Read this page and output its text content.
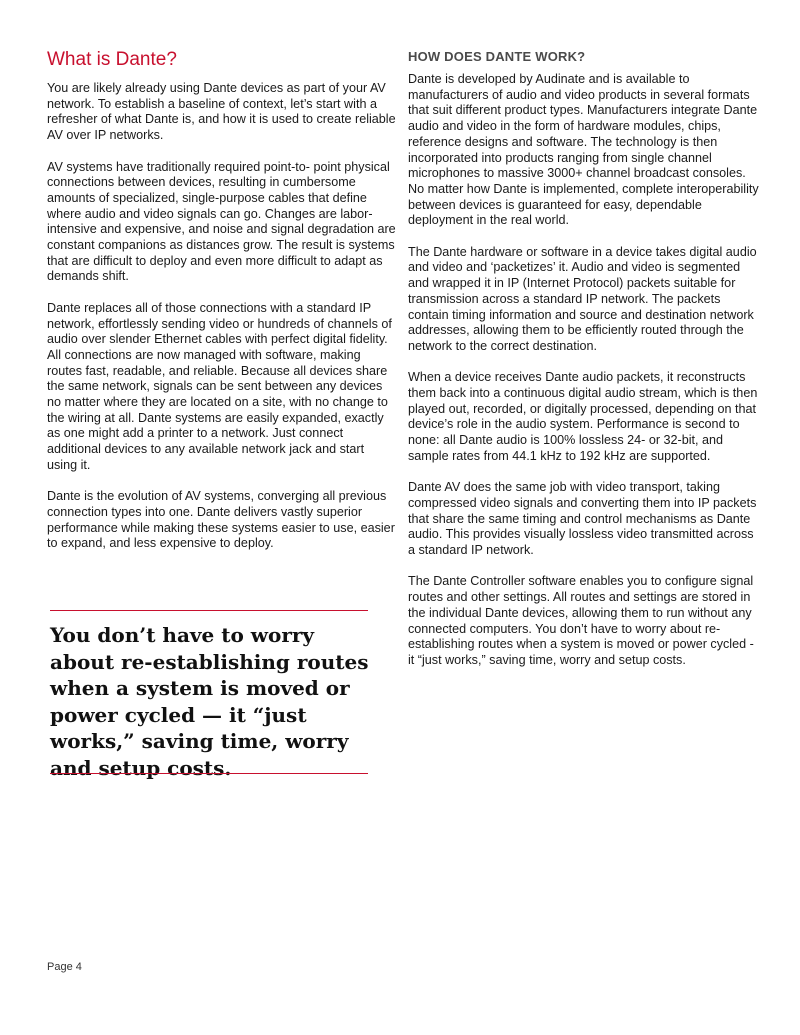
What is Dante?

You are likely already using Dante devices as part of your AV network. To establish a baseline of context, let’s start with a refresher of what Dante is, and how it is used to create reliable AV over IP networks.

AV systems have traditionally required point-to- point physical connections between devices, resulting in cumbersome amounts of specialized, single-purpose cables that define where audio and video signals can go. Changes are labor-intensive and expensive, and noise and signal degradation are constant companions as distances grow. The result is systems that are difficult to deploy and even more difficult to adapt as demands shift.

Dante replaces all of those connections with a standard IP network, effortlessly sending video or hundreds of channels of audio over slender Ethernet cables with perfect digital fidelity. All connections are now managed with software, making routes fast, readable, and reliable. Because all devices share the same network, signals can be sent between any devices no matter where they are located on a site, with no change to the wiring at all. Dante systems are easily expanded, exactly as one might add a printer to a network. Just connect additional devices to any available network jack and start using it.

Dante is the evolution of AV systems, converging all previous connection types into one. Dante delivers vastly superior performance while making these systems easier to use, easier to expand, and less expensive to deploy.

You don’t have to worry about re-establishing routes when a system is moved or power cycled — it “just works,” saving time, worry and setup costs.

HOW DOES DANTE WORK?

Dante is developed by Audinate and is available to manufacturers of audio and video products in several formats that suit different product types. Manufacturers integrate Dante audio and video in the form of hardware modules, chips, reference designs and software. The technology is then incorporated into products ranging from single channel microphones to massive 3000+ channel broadcast consoles. No matter how Dante is implemented, complete interoperability between devices is guaranteed for easy, dependable deployment in the real world.

The Dante hardware or software in a device takes digital audio and video and ‘packetizes’ it. Audio and video is segmented and wrapped it in IP (Internet Protocol) packets suitable for transmission across a standard IP network. The packets contain timing information and source and destination network addresses, allowing them to be efficiently routed through the network to the correct destination.

When a device receives Dante audio packets, it reconstructs them back into a continuous digital audio stream, which is then played out, recorded, or digitally processed, depending on that device’s role in the audio system. Performance is second to none: all Dante audio is 100% lossless 24- or 32-bit, and sample rates from 44.1 kHz to 192 kHz are supported.

Dante AV does the same job with video transport, taking compressed video signals and converting them into IP packets that share the same timing and control mechanisms as Dante audio. This provides visually lossless video transmitted across a standard IP network.

The Dante Controller software enables you to configure signal routes and other settings. All routes and settings are stored in the individual Dante devices, allowing them to run without any connected computers. You don’t have to worry about re-establishing routes when a system is moved or power cycled - it “just works,” saving time, worry and setup costs.

Page 4
